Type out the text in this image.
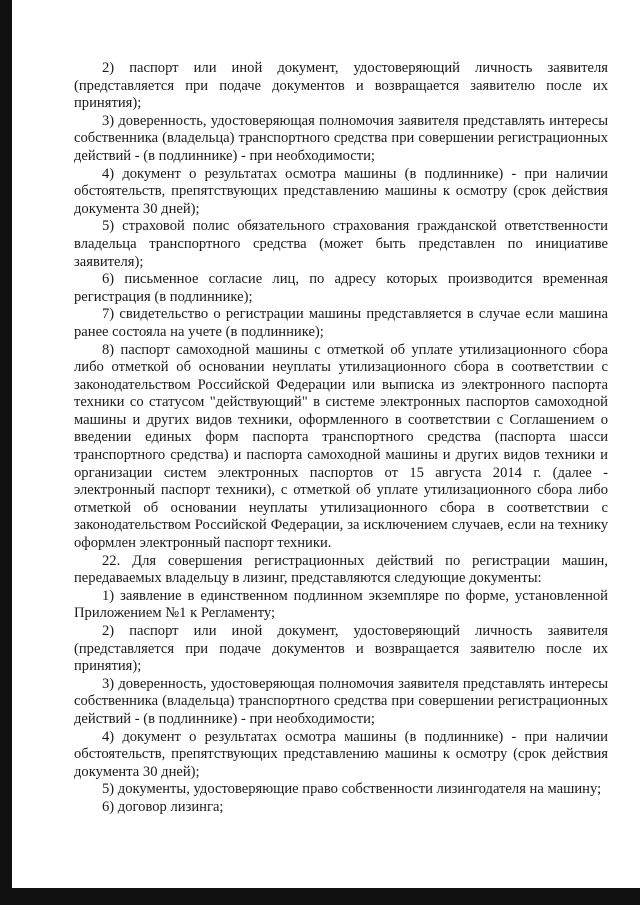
2) паспорт или иной документ, удостоверяющий личность заявителя (представляется при подаче документов и возвращается заявителю после их принятия);

3) доверенность, удостоверяющая полномочия заявителя представлять интересы собственника (владельца) транспортного средства при совершении регистрационных действий - (в подлиннике) - при необходимости;

4) документ о результатах осмотра машины (в подлиннике) - при наличии обстоятельств, препятствующих представлению машины к осмотру (срок действия документа 30 дней);

5) страховой полис обязательного страхования гражданской ответственности владельца транспортного средства (может быть представлен по инициативе заявителя);

6) письменное согласие лиц, по адресу которых производится временная регистрация (в подлиннике);

7) свидетельство о регистрации машины представляется в случае если машина ранее состояла на учете (в подлиннике);

8) паспорт самоходной машины с отметкой об уплате утилизационного сбора либо отметкой об основании неуплаты утилизационного сбора в соответствии с законодательством Российской Федерации или выписка из электронного паспорта техники со статусом "действующий" в системе электронных паспортов самоходной машины и других видов техники, оформленного в соответствии с Соглашением о введении единых форм паспорта транспортного средства (паспорта шасси транспортного средства) и паспорта самоходной машины и других видов техники и организации систем электронных паспортов от 15 августа 2014 г. (далее - электронный паспорт техники), с отметкой об уплате утилизационного сбора либо отметкой об основании неуплаты утилизационного сбора в соответствии с законодательством Российской Федерации, за исключением случаев, если на технику оформлен электронный паспорт техники.

22. Для совершения регистрационных действий по регистрации машин, передаваемых владельцу в лизинг, представляются следующие документы:

1) заявление в единственном подлинном экземпляре по форме, установленной Приложением №1 к Регламенту;

2) паспорт или иной документ, удостоверяющий личность заявителя (представляется при подаче документов и возвращается заявителю после их принятия);

3) доверенность, удостоверяющая полномочия заявителя представлять интересы собственника (владельца) транспортного средства при совершении регистрационных действий - (в подлиннике) - при необходимости;

4) документ о результатах осмотра машины (в подлиннике) - при наличии обстоятельств, препятствующих представлению машины к осмотру (срок действия документа 30 дней);

5) документы, удостоверяющие право собственности лизингодателя на машину;

6) договор лизинга;
